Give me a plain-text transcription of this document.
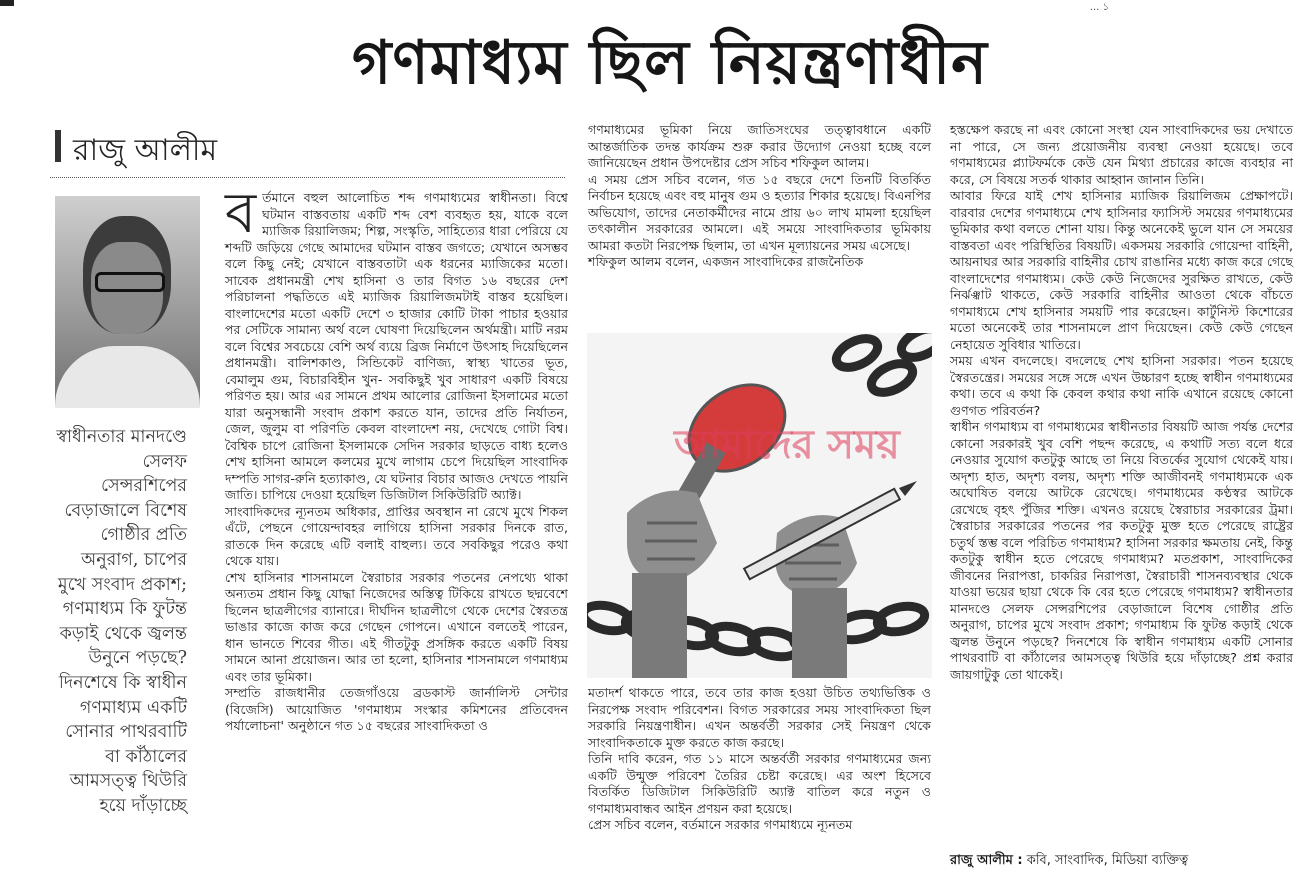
... ১
গণমাধ্যম ছিল নিয়ন্ত্রণাধীন
রাজু আলীম
স্বাধীনতার মানদণ্ডে সেলফ সেন্সরশিপের বেড়াজালে বিশেষ গোষ্ঠীর প্রতি অনুরাগ, চাপের মুখে সংবাদ প্রকাশ; গণমাধ্যম কি ফুটন্ত কড়াই থেকে জ্বলন্ত উনুনে পড়ছে? দিনশেষে কি স্বাধীন গণমাধ্যম একটি সোনার পাথরবাটি বা কাঁঠালের আমসত্ত্ব থিউরি হয়ে দাঁড়াচ্ছে
ব র্তমানে বহুল আলোচিত শব্দ গণমাধ্যমের স্বাধীনতা। বিশ্বে ঘটমান বাস্তবতায় একটি শব্দ বেশ ব্যবহৃত হয়, যাকে বলে ম্যাজিক রিয়ালিজম; শিল্প, সংস্কৃতি, সাহিত্যের ধারা পেরিয়ে যে শব্দটি জড়িয়ে গেছে আমাদের ঘটমান বাস্তব জগতে; যেখানে অসম্ভব বলে কিছু নেই; যেখানে বাস্তবতাটা এক ধরনের ম্যাজিকের মতো। সাবেক প্রধানমন্ত্রী শেখ হাসিনা ও তার বিগত ১৬ বছরের দেশ পরিচালনা পদ্ধতিতে এই ম্যাজিক রিয়ালিজমটাই বাস্তব হয়েছিল। বাংলাদেশের মতো একটি দেশে ৩ হাজার কোটি টাকা পাচার হওয়ার পর সেটিকে সামান্য অর্থ বলে ঘোষণা দিয়েছিলেন অর্থমন্ত্রী। মাটি নরম বলে বিশ্বের সবচেয়ে বেশি অর্থ ব্যয়ে ব্রিজ নির্মাণে উৎসাহ দিয়েছিলেন প্রধানমন্ত্রী। বালিশকাণ্ড, সিন্ডিকেট বাণিজ্য, স্বাস্থ্য খাতের ভূত, বেমালুম গুম, বিচারবিহীন খুন- সবকিছুই খুব সাধারণ একটি বিষয়ে পরিণত হয়। আর এর সামনে প্রথম আলোর রোজিনা ইসলামের মতো যারা অনুসন্ধানী সংবাদ প্রকাশ করতে যান, তাদের প্রতি নির্যাতন, জেল, জুলুম বা পরিণতি কেবল বাংলাদেশ নয়, দেখেছে গোটা বিশ্ব। বৈশ্বিক চাপে রোজিনা ইসলামকে সেদিন সরকার ছাড়তে বাধ্য হলেও শেখ হাসিনা আমলে কলমের মুখে লাগাম চেপে দিয়েছিল সাংবাদিক দম্পতি সাগর-রুনি হত্যাকাণ্ড, যে ঘটনার বিচার আজও দেখতে পায়নি জাতি। চাপিয়ে দেওয়া হয়েছিল ডিজিটাল সিকিউরিটি অ্যাক্ট।

সাংবাদিকদের ন্যূনতম অধিকার, প্রাপ্তির অবস্থান না রেখে মুখে শিকল এঁটে, পেছনে গোয়েন্দাবহর লাগিয়ে হাসিনা সরকার দিনকে রাত, রাতকে দিন করেছে এটি বলাই বাহুল্য। তবে সবকিছুর পরেও কথা থেকে যায়।

শেখ হাসিনার শাসনামলে স্বৈরাচার সরকার পতনের নেপথ্যে থাকা অন্যতম প্রধান কিছু যোদ্ধা নিজেদের অস্তিত্ব টিকিয়ে রাখতে ছদ্মবেশে ছিলেন ছাত্রলীগের ব্যানারে। দীর্ঘদিন ছাত্রলীগে থেকে দেশের স্বৈরতন্ত্র ভাঙার কাজে কাজ করে গেছেন গোপনে। এখানে বলতেই পারেন, ধান ভানতে শিবের গীত। এই গীতটুকু প্রসঙ্গিক করতে একটি বিষয় সামনে আনা প্রয়োজন। আর তা হলো, হাসিনার শাসনামলে গণমাধ্যম এবং তার ভূমিকা।

সম্প্রতি রাজধানীর তেজগাঁওয়ে ব্রডকাস্ট জার্নালিস্ট সেন্টার (বিজেসি) আয়োজিত 'গণমাধ্যম সংস্কার কমিশনের প্রতিবেদন পর্যালোচনা' অনুষ্ঠানে গত ১৫ বছরের সাংবাদিকতা ও

গণমাধ্যমের ভূমিকা নিয়ে জাতিসংঘের তত্ত্বাবধানে একটি আন্তর্জাতিক তদন্ত কার্যক্রম শুরু করার উদ্যোগ নেওয়া হচ্ছে বলে জানিয়েছেন প্রধান উপদেষ্টার প্রেস সচিব শফিকুল আলম।

এ সময় প্রেস সচিব বলেন, গত ১৫ বছরে দেশে তিনটি বিতর্কিত নির্বাচন হয়েছে এবং বহু মানুষ গুম ও হত্যার শিকার হয়েছে। বিএনপির অভিযোগ, তাদের নেতাকর্মীদের নামে প্রায় ৬০ লাখ মামলা হয়েছিল তৎকালীন সরকারের আমলে। এই সময়ে সাংবাদিকতার ভূমিকায় আমরা কতটা নিরপেক্ষ ছিলাম, তা এখন মূল্যায়নের সময় এসেছে।

শফিকুল আলম বলেন, একজন সাংবাদিকের রাজনৈতিক

আমাদের সময়

মতাদর্শ থাকতে পারে, তবে তার কাজ হওয়া উচিত তথ্যভিত্তিক ও নিরপেক্ষ সংবাদ পরিবেশন। বিগত সরকারের সময় সাংবাদিকতা ছিল সরকারি নিয়ন্ত্রণাধীন। এখন অন্তর্বর্তী সরকার সেই নিয়ন্ত্রণ থেকে সাংবাদিকতাকে মুক্ত করতে কাজ করছে।

তিনি দাবি করেন, গত ১১ মাসে অন্তর্বর্তী সরকার গণমাধ্যমের জন্য একটি উন্মুক্ত পরিবেশ তৈরির চেষ্টা করেছে। এর অংশ হিসেবে বিতর্কিত ডিজিটাল সিকিউরিটি অ্যাক্ট বাতিল করে নতুন ও গণমাধ্যমবান্ধব আইন প্রণয়ন করা হয়েছে।

প্রেস সচিব বলেন, বর্তমানে সরকার গণমাধ্যমে ন্যূনতম

হস্তক্ষেপ করছে না এবং কোনো সংস্থা যেন সাংবাদিকদের ভয় দেখাতে না পারে, সে জন্য প্রয়োজনীয় ব্যবস্থা নেওয়া হয়েছে। তবে গণমাধ্যমের প্ল্যাটফর্মকে কেউ যেন মিথ্যা প্রচারের কাজে ব্যবহার না করে, সে বিষয়ে সতর্ক থাকার আহ্বান জানান তিনি।

আবার ফিরে যাই শেখ হাসিনার ম্যাজিক রিয়ালিজম প্রেক্ষাপটে। বারবার দেশের গণমাধ্যমে শেখ হাসিনার ফ্যাসিস্ট সময়ের গণমাধ্যমের ভূমিকার কথা বলতে শোনা যায়। কিন্তু অনেকেই ভুলে যান সে সময়ের বাস্তবতা এবং পরিস্থিতির বিষয়টি। একসময় সরকারি গোয়েন্দা বাহিনী, আয়নাঘর আর সরকারি বাহিনীর চোখ রাঙানির মধ্যে কাজ করে গেছে বাংলাদেশের গণমাধ্যম। কেউ কেউ নিজেদের সুরক্ষিত রাখতে, কেউ নির্ঝঞ্ঝাট থাকতে, কেউ সরকারি বাহিনীর আওতা থেকে বাঁচতে গণমাধ্যমে শেখ হাসিনার সময়টি পার করেছেন। কার্টুনিস্ট কিশোরের মতো অনেকেই তার শাসনামলে প্রাণ দিয়েছেন। কেউ কেউ গেছেন নেহায়েত সুবিধার খাতিরে।

সময় এখন বদলেছে। বদলেছে শেখ হাসিনা সরকার। পতন হয়েছে স্বৈরতন্ত্রের। সময়ের সঙ্গে সঙ্গে এখন উচ্চারণ হচ্ছে স্বাধীন গণমাধ্যমের কথা। তবে এ কথা কি কেবল কথার কথা নাকি এখানে রয়েছে কোনো গুণগত পরিবর্তন?

স্বাধীন গণমাধ্যম বা গণমাধ্যমের স্বাধীনতার বিষয়টি আজ পর্যন্ত দেশের কোনো সরকারই খুব বেশি পছন্দ করেছে, এ কথাটি সত্য বলে ধরে নেওয়ার সুযোগ কতটুকু আছে তা নিয়ে বিতর্কের সুযোগ থেকেই যায়। অদৃশ্য হাত, অদৃশ্য বলয়, অদৃশ্য শক্তি আজীবনই গণমাধ্যমকে এক অঘোষিত বলয়ে আটকে রেখেছে। গণমাধ্যমের কণ্ঠস্বর আটকে রেখেছে বৃহৎ পুঁজির শক্তি। এখনও রয়েছে স্বৈরাচার সরকারের ট্রমা। স্বৈরাচার সরকারের পতনের পর কতটুকু মুক্ত হতে পেরেছে রাষ্ট্রের চতুর্থ স্তম্ভ বলে পরিচিত গণমাধ্যম? হাসিনা সরকার ক্ষমতায় নেই, কিন্তু কতটুকু স্বাধীন হতে পেরেছে গণমাধ্যম? মতপ্রকাশ, সাংবাদিকের জীবনের নিরাপত্তা, চাকরির নিরাপত্তা, স্বৈরাচারী শাসনব্যবস্থার থেকে যাওয়া ভয়ের ছায়া থেকে কি বের হতে পেরেছে গণমাধ্যম? স্বাধীনতার মানদণ্ডে সেলফ সেন্সরশিপের বেড়াজালে বিশেষ গোষ্ঠীর প্রতি অনুরাগ, চাপের মুখে সংবাদ প্রকাশ; গণমাধ্যম কি ফুটন্ত কড়াই থেকে জ্বলন্ত উনুনে পড়ছে? দিনশেষে কি স্বাধীন গণমাধ্যম একটি সোনার পাথরবাটি বা কাঁঠালের আমসত্ত্ব থিউরি হয়ে দাঁড়াচ্ছে? প্রশ্ন করার জায়গাটুকু তো থাকেই।

রাজু আলীম : কবি, সাংবাদিক, মিডিয়া ব্যক্তিত্ব
